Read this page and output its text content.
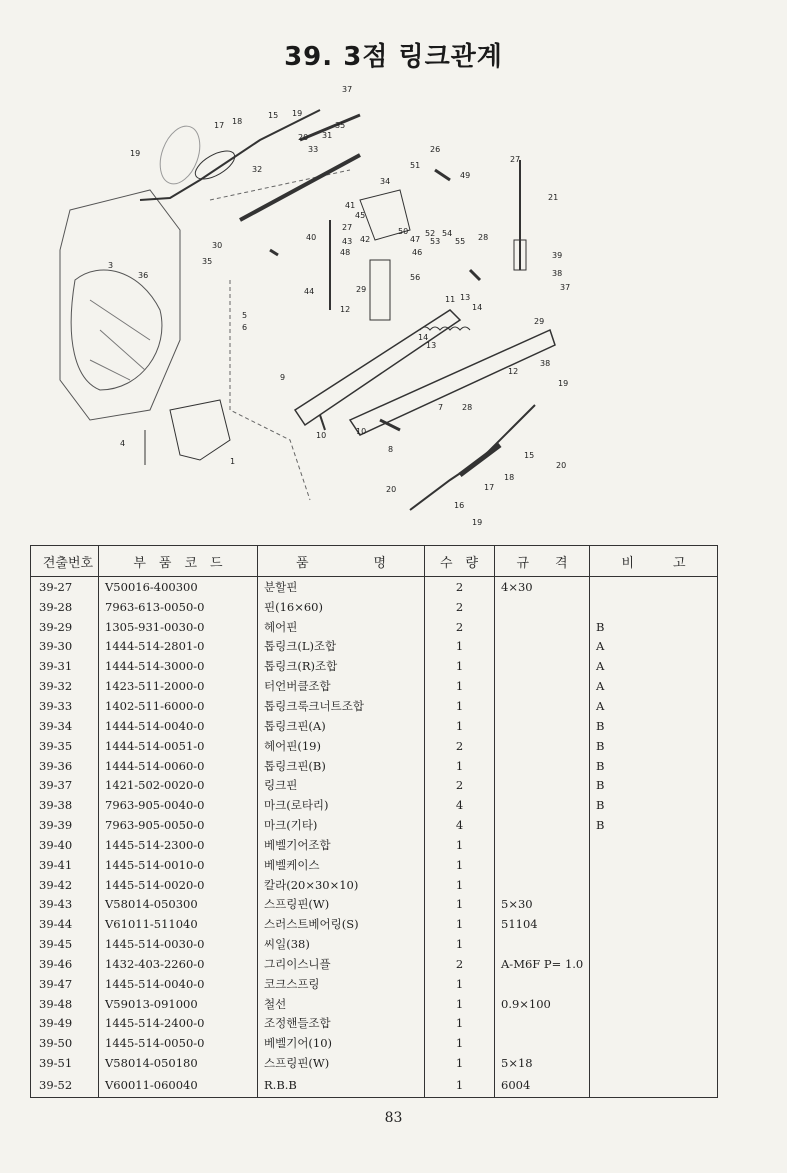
39. 3점 링크관계
37
35
15 19
20 31
33
17 18
19	26
27
51
34
49
21
32
41
45
27	50
47
52 54
53 55
40	43 42
48	46
28
39
38
36
30
35
56
44	29
11 13
14
12
5
6
37
29
14
13
12
38
19
28
7
3
4
10	10
8
1
15
20
17
18
20
16
19
9
견출번호	부　품　코　드	품　　　　　명	수　량	규　　격	비　　　고
39-27	V50016-400300	분할핀	2	4×30	
39-28	7963-613-0050-0	핀(16×60)	2		
39-29	1305-931-0030-0	헤어핀	2		B
39-30	1444-514-2801-0	톱링크(L)조합	1		A
39-31	1444-514-3000-0	톱링크(R)조합	1		A
39-32	1423-511-2000-0	터언버클조합	1		A
39-33	1402-511-6000-0	톱링크룩크너트조합	1		A
39-34	1444-514-0040-0	톱링크핀(A)	1		B
39-35	1444-514-0051-0	헤어핀(19)	2		B
39-36	1444-514-0060-0	톱링크핀(B)	1		B
39-37	1421-502-0020-0	링크핀	2		B
39-38	7963-905-0040-0	마크(로타리)	4		B
39-39	7963-905-0050-0	마크(기타)	4		B
39-40	1445-514-2300-0	베벨기어조합	1		
39-41	1445-514-0010-0	베벨케이스	1		
39-42	1445-514-0020-0	칼라(20×30×10)	1		
39-43	V58014-050300	스프링핀(W)	1	5×30	
39-44	V61011-511040	스러스트베어링(S)	1	51104	
39-45	1445-514-0030-0	씨일(38)	1		
39-46	1432-403-2260-0	그리이스니플	2	A-M6F P= 1.0	
39-47	1445-514-0040-0	코크스프링	1		
39-48	V59013-091000	철선	1	0.9×100	
39-49	1445-514-2400-0	조정핸들조합	1		
39-50	1445-514-0050-0	베벨기어(10)	1		
39-51	V58014-050180	스프링핀(W)	1	5×18	
39-52	V60011-060040	R.B.B	1	6004	
83
